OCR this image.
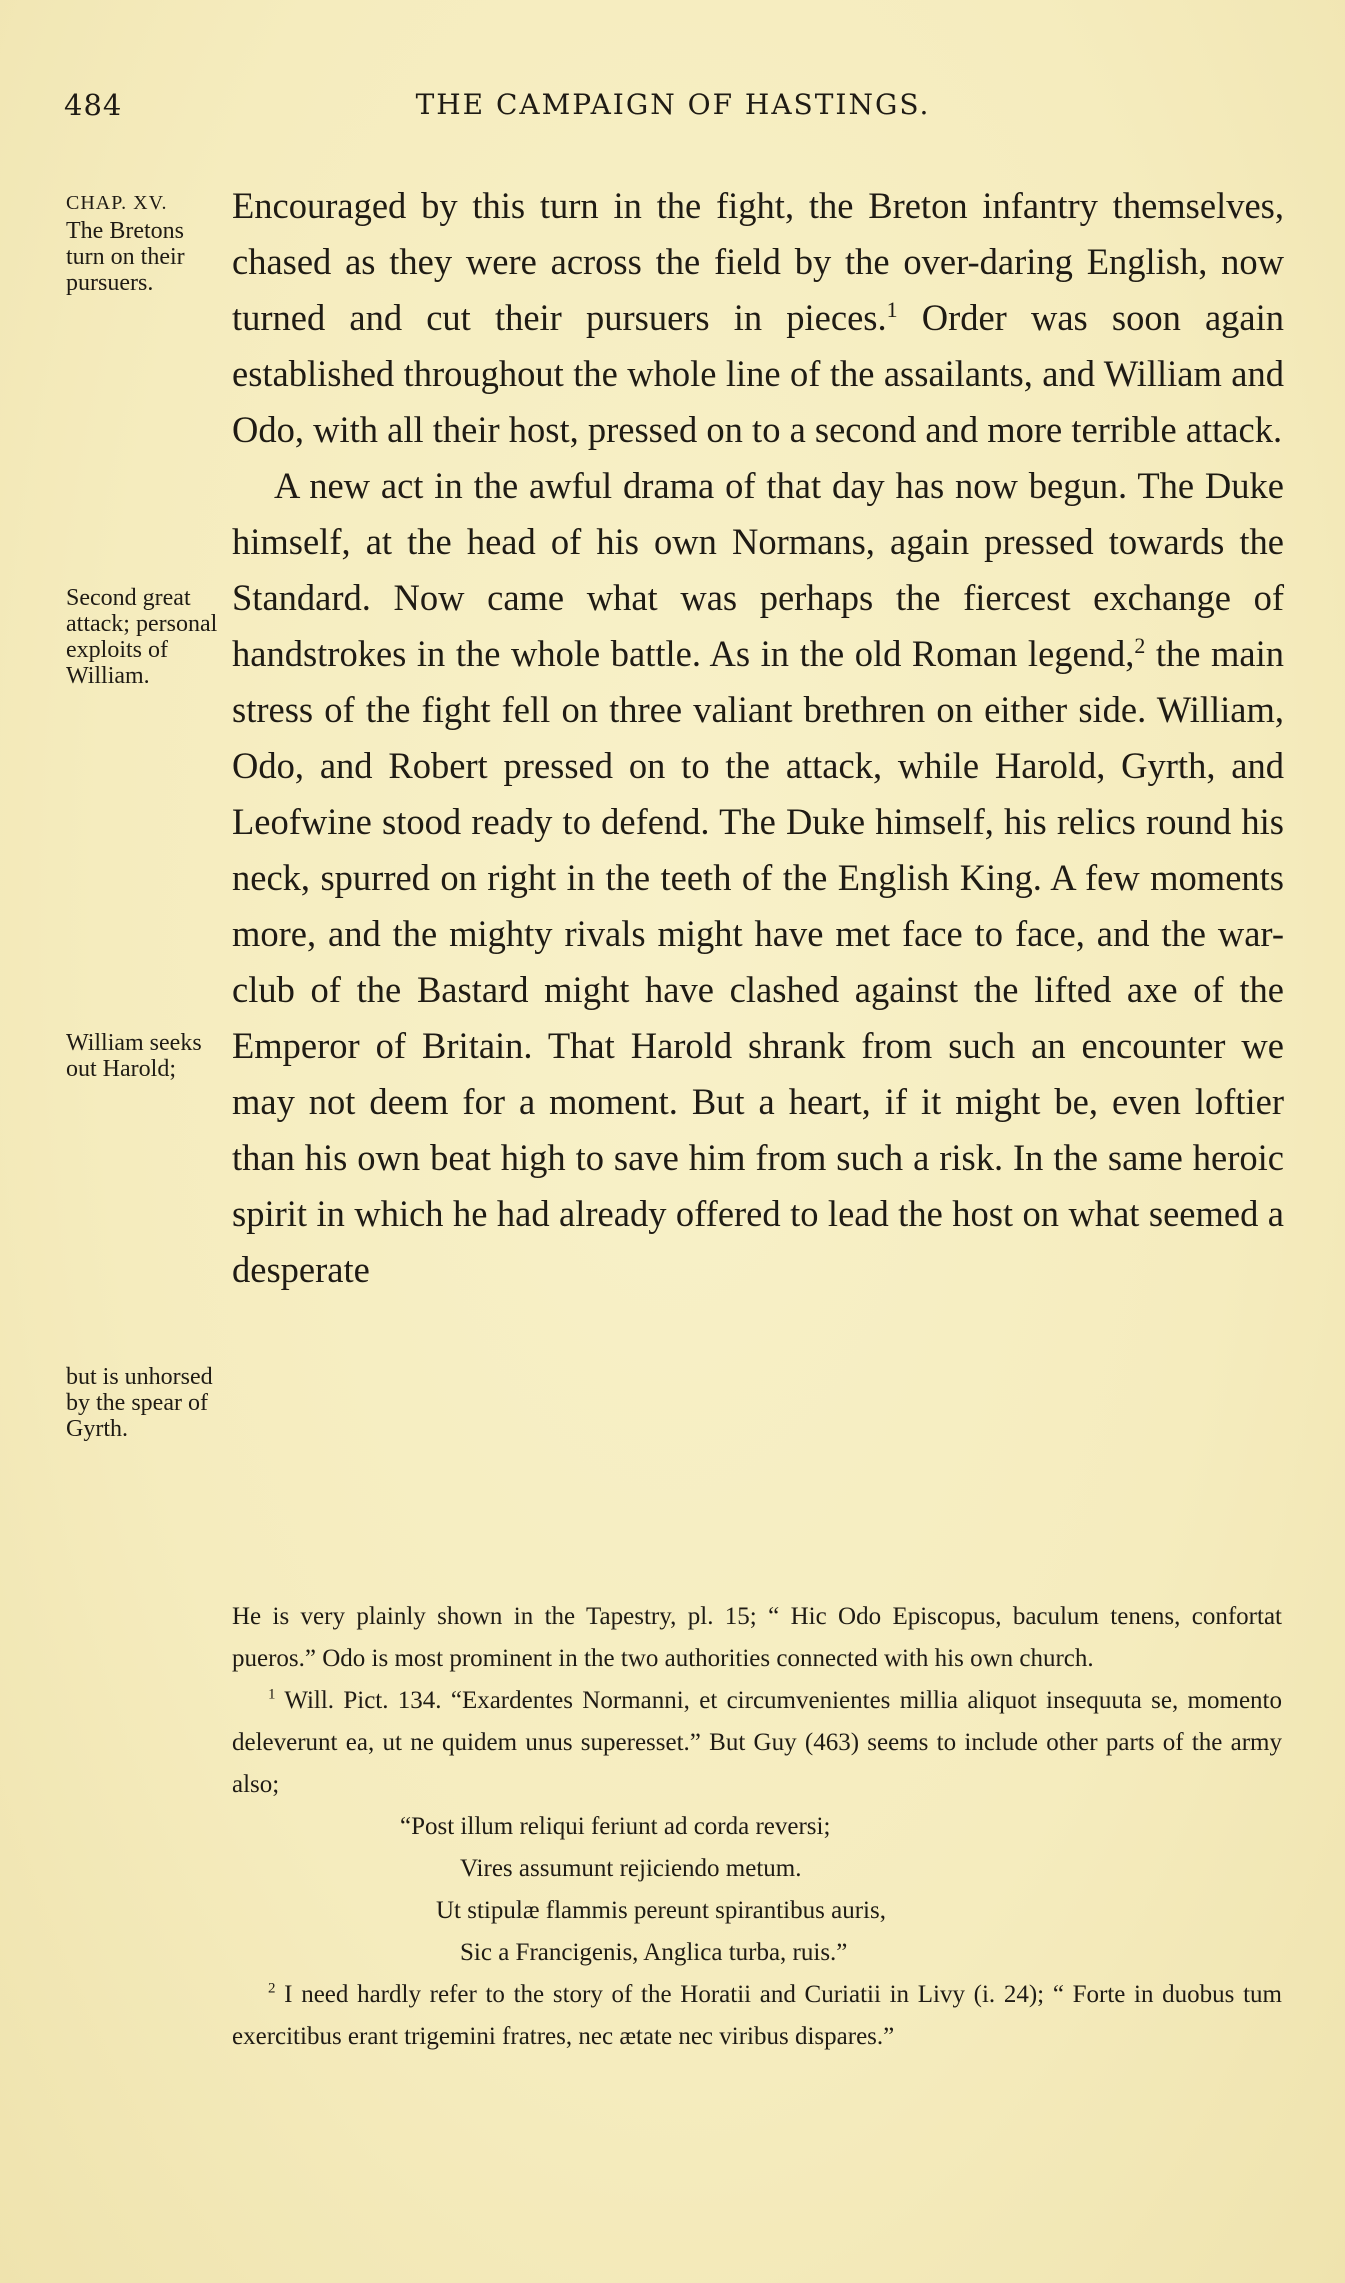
484	THE CAMPAIGN OF HASTINGS.
CHAP. XV.
The Bretons turn on their pursuers.
Second great attack; personal exploits of William.
William seeks out Harold;
but is unhorsed by the spear of Gyrth.

Encouraged by this turn in the fight, the Breton infantry themselves, chased as they were across the field by the over-daring English, now turned and cut their pursuers in pieces.$^1$ Order was soon again established throughout the whole line of the assailants, and William and Odo, with all their host, pressed on to a second and more terrible attack.

A new act in the awful drama of that day has now begun. The Duke himself, at the head of his own Normans, again pressed towards the Standard. Now came what was perhaps the fiercest exchange of handstrokes in the whole battle. As in the old Roman legend,$^2$ the main stress of the fight fell on three valiant brethren on either side. William, Odo, and Robert pressed on to the attack, while Harold, Gyrth, and Leofwine stood ready to defend. The Duke himself, his relics round his neck, spurred on right in the teeth of the English King. A few moments more, and the mighty rivals might have met face to face, and the war-club of the Bastard might have clashed against the lifted axe of the Emperor of Britain. That Harold shrank from such an encounter we may not deem for a moment. But a heart, if it might be, even loftier than his own beat high to save him from such a risk. In the same heroic spirit in which he had already offered to lead the host on what seemed a desperate

He is very plainly shown in the Tapestry, pl. 15; “ Hic Odo Episcopus, baculum tenens, confortat pueros.” Odo is most prominent in the two authorities connected with his own church.

$^1$ Will. Pict. 134. “Exardentes Normanni, et circumvenientes millia aliquot insequuta se, momento deleverunt ea, ut ne quidem unus superesset.” But Guy (463) seems to include other parts of the army also;

“Post illum reliqui feriunt ad corda reversi;
Vires assumunt rejiciendo metum.
Ut stipulæ flammis pereunt spirantibus auris,
Sic a Francigenis, Anglica turba, ruis.”

$^2$ I need hardly refer to the story of the Horatii and Curiatii in Livy (i. 24); “ Forte in duobus tum exercitibus erant trigemini fratres, nec ætate nec viribus dispares.”
